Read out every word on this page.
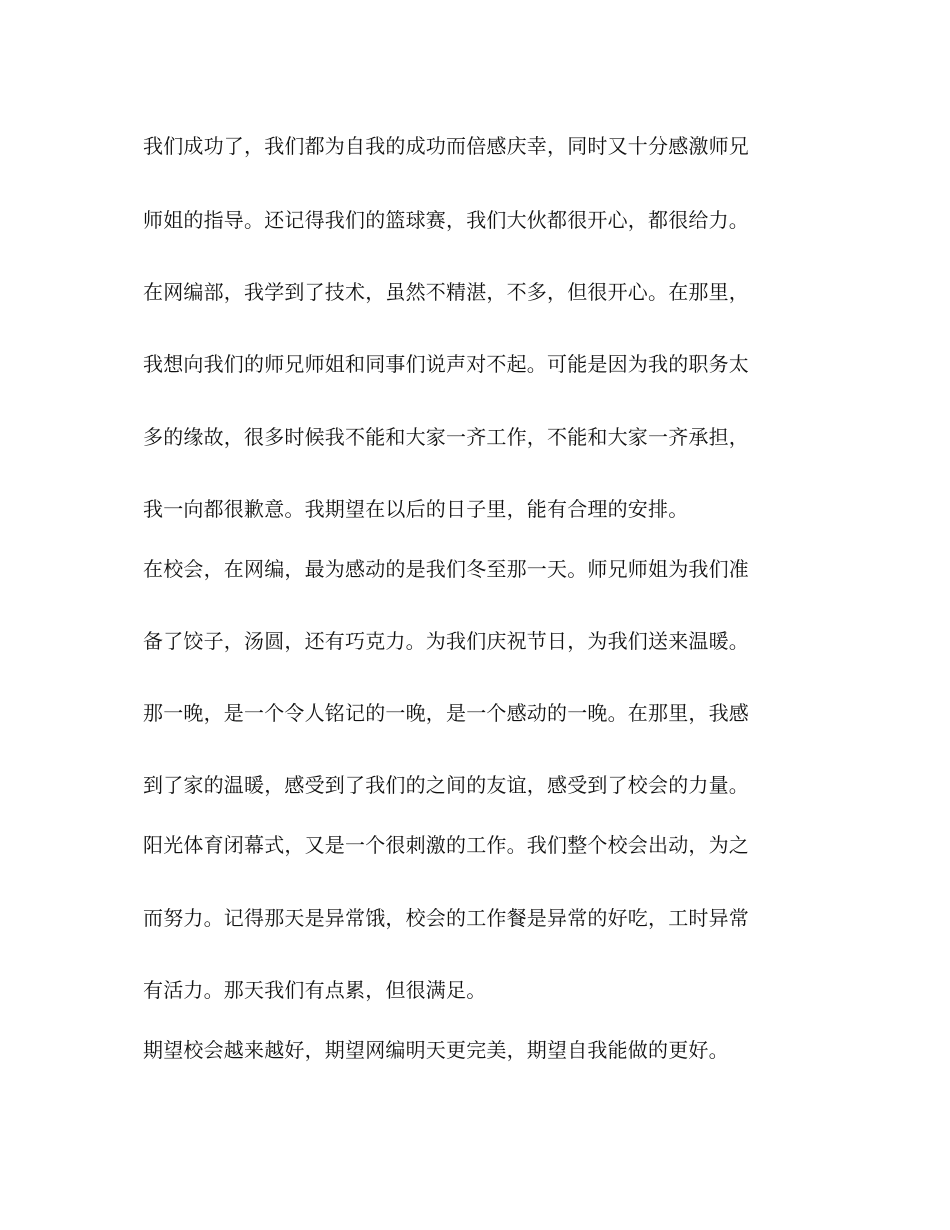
我们成功了，我们都为自我的成功而倍感庆幸，同时又十分感激师兄

师姐的指导。还记得我们的篮球赛，我们大伙都很开心，都很给力。

在网编部，我学到了技术，虽然不精湛，不多，但很开心。在那里，

我想向我们的师兄师姐和同事们说声对不起。可能是因为我的职务太

多的缘故，很多时候我不能和大家一齐工作，不能和大家一齐承担，

我一向都很歉意。我期望在以后的日子里，能有合理的安排。

在校会，在网编，最为感动的是我们冬至那一天。师兄师姐为我们准

备了饺子，汤圆，还有巧克力。为我们庆祝节日，为我们送来温暖。

那一晚，是一个令人铭记的一晚，是一个感动的一晚。在那里，我感

到了家的温暖，感受到了我们的之间的友谊，感受到了校会的力量。

阳光体育闭幕式，又是一个很刺激的工作。我们整个校会出动，为之

而努力。记得那天是异常饿，校会的工作餐是异常的好吃，工时异常

有活力。那天我们有点累，但很满足。

期望校会越来越好，期望网编明天更完美，期望自我能做的更好。
